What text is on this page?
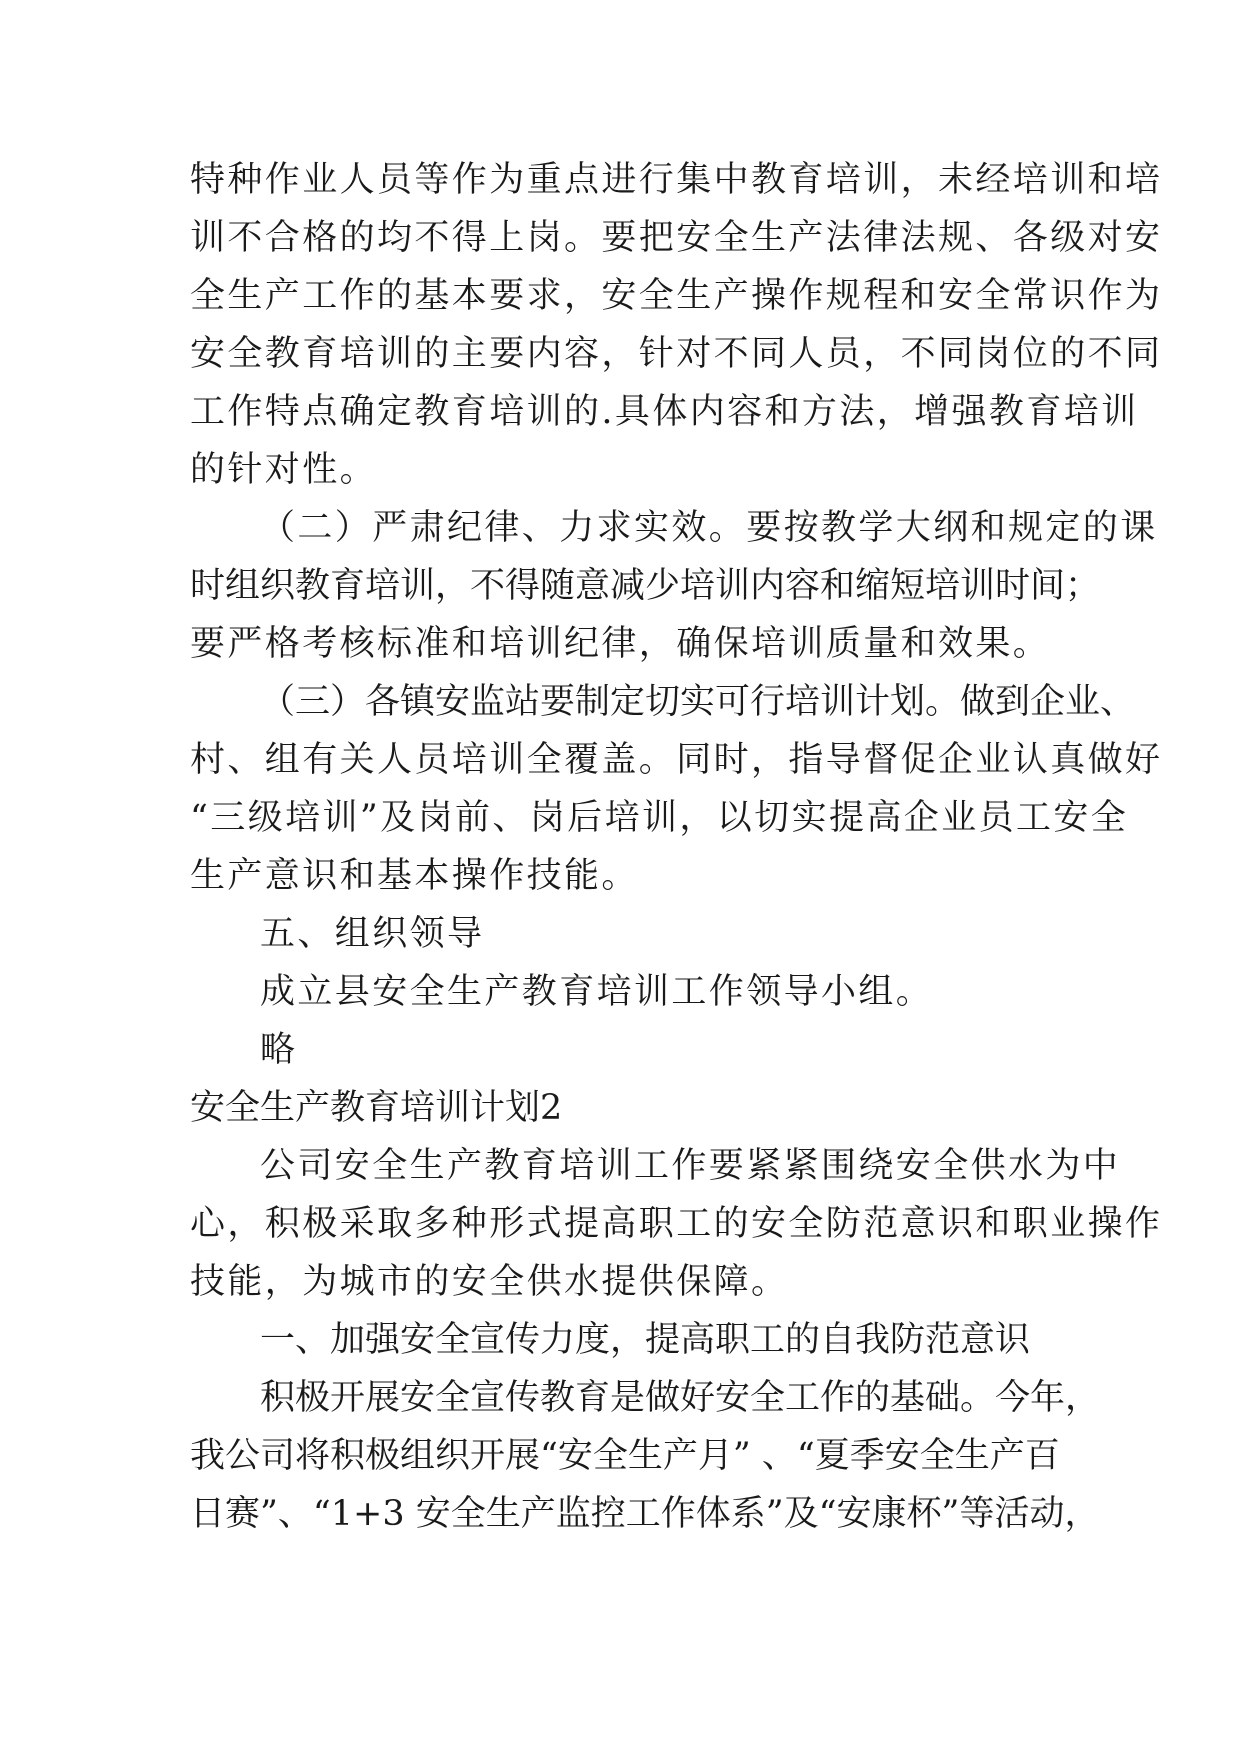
特种作业人员等作为重点进行集中教育培训，未经培训和培
训不合格的均不得上岗。要把安全生产法律法规、各级对安
全生产工作的基本要求，安全生产操作规程和安全常识作为
安全教育培训的主要内容，针对不同人员，不同岗位的不同
工作特点确定教育培训的.具体内容和方法，增强教育培训
的针对性。
（二）严肃纪律、力求实效。要按教学大纲和规定的课
时组织教育培训，不得随意减少培训内容和缩短培训时间；
要严格考核标准和培训纪律，确保培训质量和效果。
（三）各镇安监站要制定切实可行培训计划。做到企业、
村、组有关人员培训全覆盖。同时，指导督促企业认真做好
“三级培训”及岗前、岗后培训，以切实提高企业员工安全
生产意识和基本操作技能。
五、组织领导
成立县安全生产教育培训工作领导小组。
略
安全生产教育培训计划2
公司安全生产教育培训工作要紧紧围绕安全供水为中
心，积极采取多种形式提高职工的安全防范意识和职业操作
技能，为城市的安全供水提供保障。
一、加强安全宣传力度，提高职工的自我防范意识
积极开展安全宣传教育是做好安全工作的基础。今年，
我公司将积极组织开展“安全生产月” 、“夏季安全生产百
日赛”、“1+3 安全生产监控工作体系”及“安康杯”等活动，
